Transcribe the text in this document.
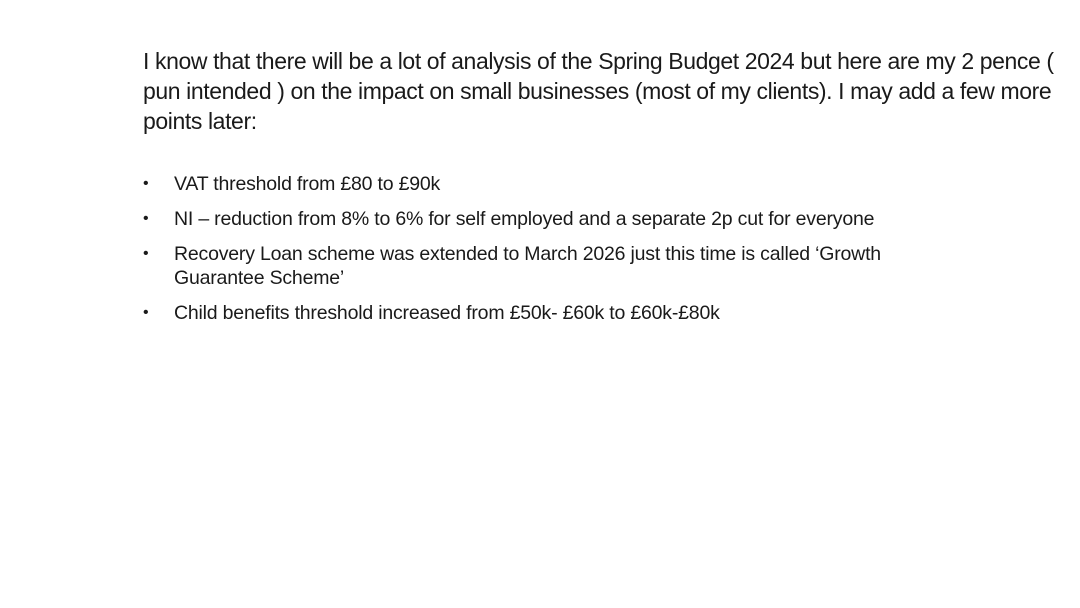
I know that there will be a lot of analysis of the Spring Budget 2024 but here are my 2 pence ( pun intended ) on the impact on small businesses (most of my clients). I may add a few more points later:

•	VAT threshold from £80 to £90k
•	NI – reduction from 8% to 6% for self employed and a separate 2p cut for everyone
•	Recovery Loan scheme was extended to March 2026 just this time is called ‘Growth Guarantee Scheme’
•	Child benefits threshold increased from £50k- £60k to £60k-£80k
